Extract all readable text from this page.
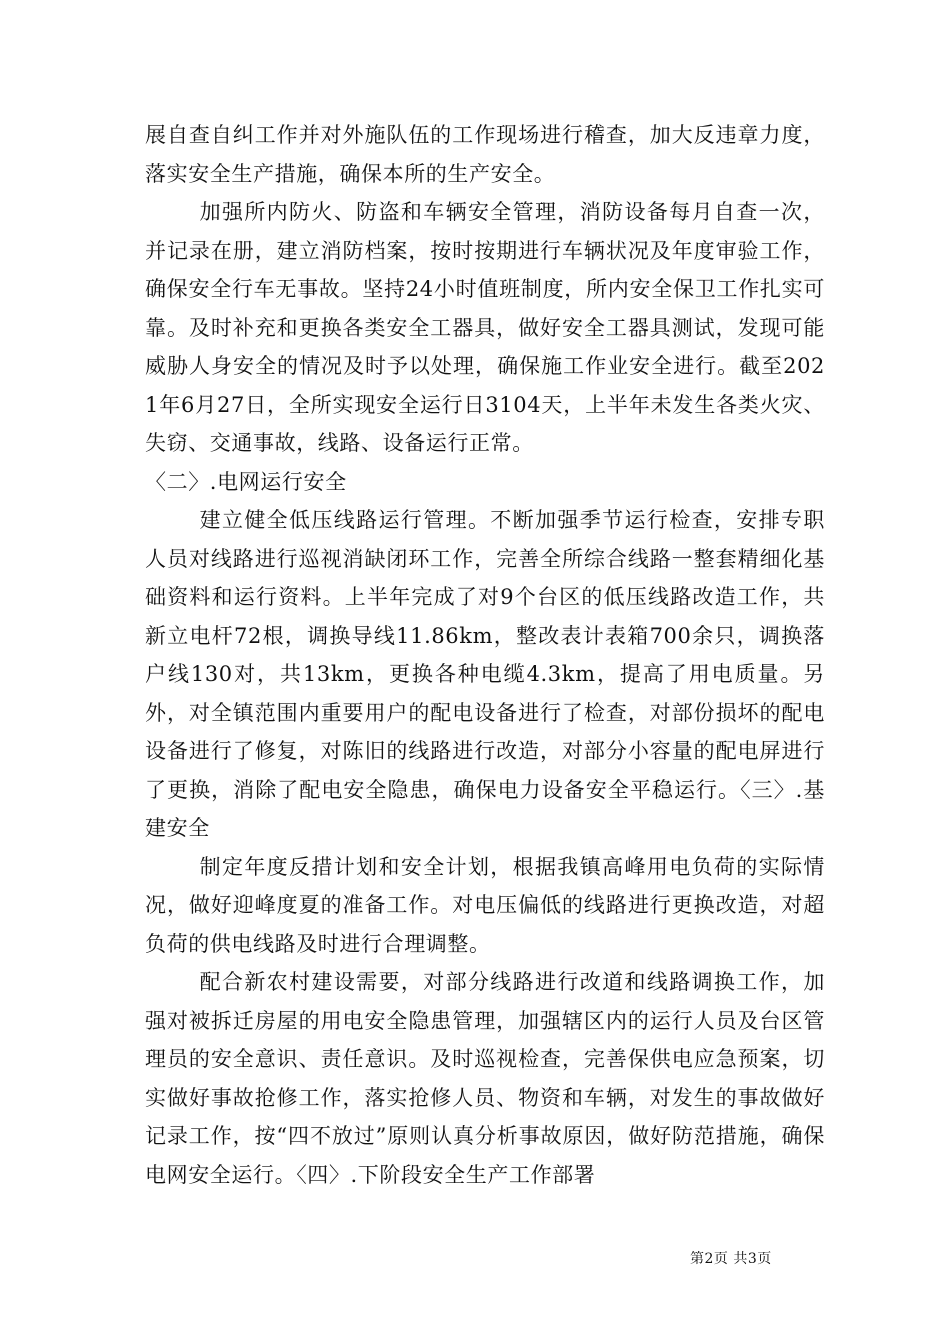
展自查自纠工作并对外施队伍的工作现场进行稽查，加大反违章力度，落实安全生产措施，确保本所的生产安全。

加强所内防火、防盗和车辆安全管理，消防设备每月自查一次，并记录在册，建立消防档案，按时按期进行车辆状况及年度审验工作，确保安全行车无事故。坚持24小时值班制度，所内安全保卫工作扎实可靠。及时补充和更换各类安全工器具，做好安全工器具测试，发现可能威胁人身安全的情况及时予以处理，确保施工作业安全进行。截至2021年6月27日，全所实现安全运行日3104天，上半年未发生各类火灾、失窃、交通事故，线路、设备运行正常。

〈二〉.电网运行安全

建立健全低压线路运行管理。不断加强季节运行检查，安排专职人员对线路进行巡视消缺闭环工作，完善全所综合线路一整套精细化基础资料和运行资料。上半年完成了对9个台区的低压线路改造工作，共新立电杆72根，调换导线11.86km，整改表计表箱700余只，调换落户线130对，共13km，更换各种电缆4.3km，提高了用电质量。另外，对全镇范围内重要用户的配电设备进行了检查，对部份损坏的配电设备进行了修复，对陈旧的线路进行改造，对部分小容量的配电屏进行了更换，消除了配电安全隐患，确保电力设备安全平稳运行。〈三〉.基建安全

制定年度反措计划和安全计划，根据我镇高峰用电负荷的实际情况，做好迎峰度夏的准备工作。对电压偏低的线路进行更换改造，对超负荷的供电线路及时进行合理调整。

配合新农村建设需要，对部分线路进行改道和线路调换工作，加强对被拆迁房屋的用电安全隐患管理，加强辖区内的运行人员及台区管理员的安全意识、责任意识。及时巡视检查，完善保供电应急预案，切实做好事故抢修工作，落实抢修人员、物资和车辆，对发生的事故做好记录工作，按“四不放过”原则认真分析事故原因，做好防范措施，确保电网安全运行。〈四〉.下阶段安全生产工作部署

第2页 共3页
